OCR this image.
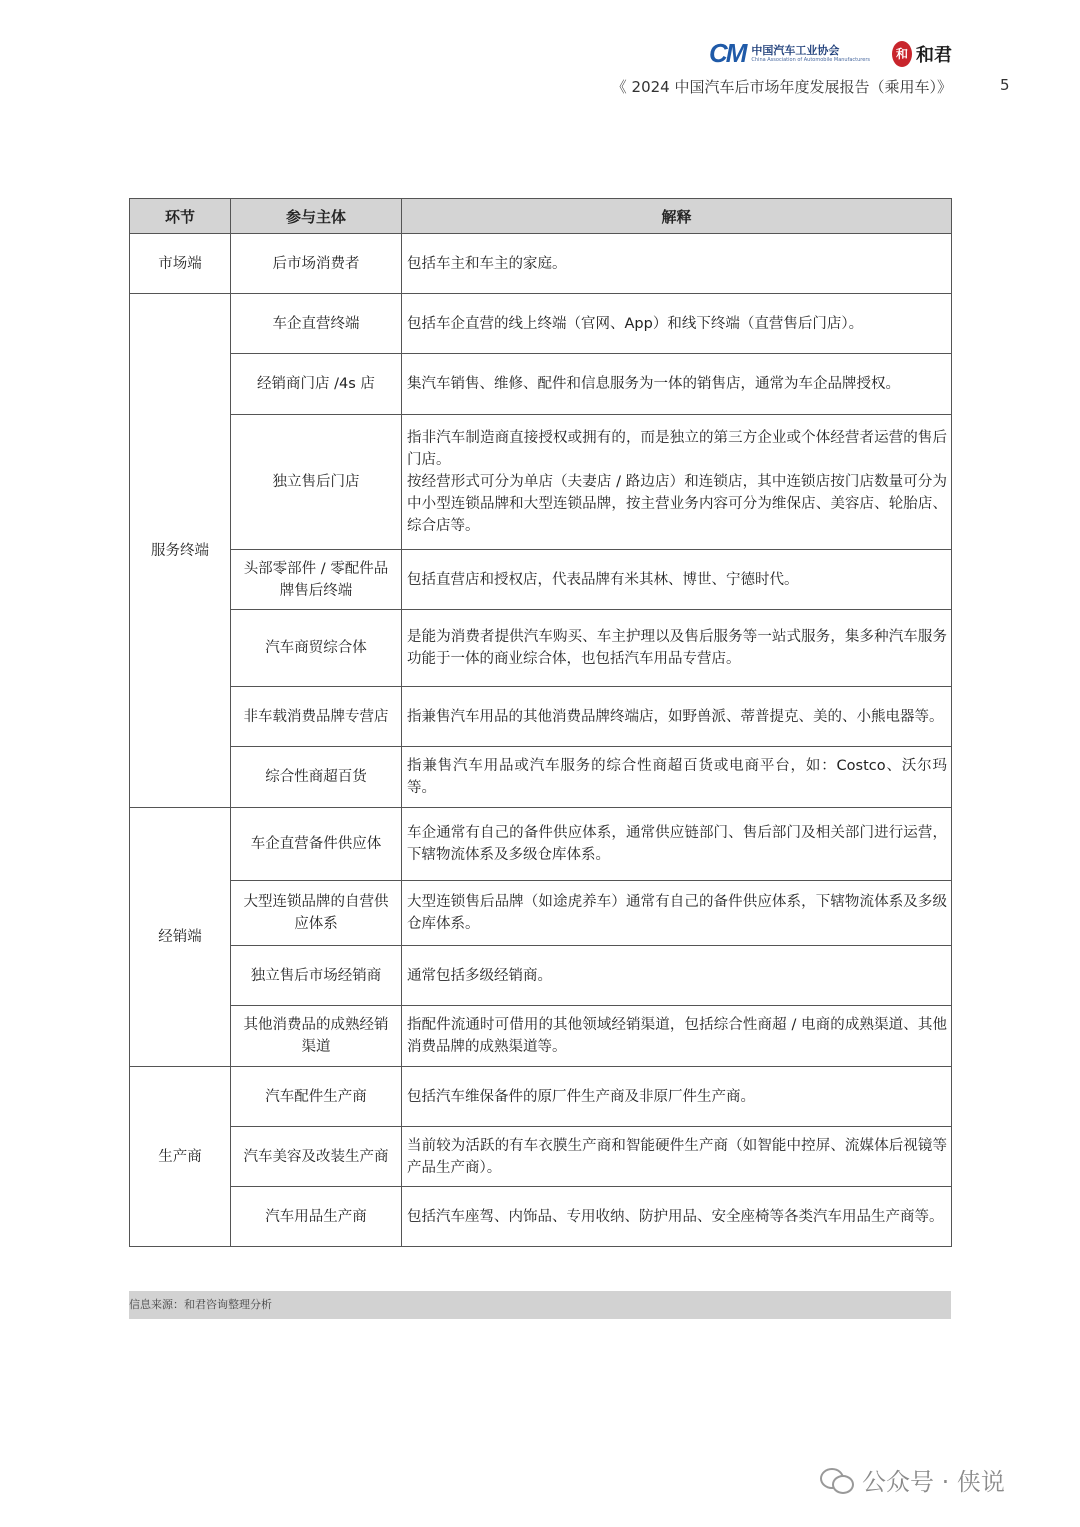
CM 中国汽车工业协会
China Association of Automobile Manufacturers	和 和君
《 2024 中国汽车后市场年度发展报告（乘用车）》	5
环节	参与主体	解释
市场端	后市场消费者	包括车主和车主的家庭。
服务终端	车企直营终端	包括车企直营的线上终端（官网、App）和线下终端（直营售后门店）。
	经销商门店 /4s 店	集汽车销售、维修、配件和信息服务为一体的销售店，通常为车企品牌授权。
	独立售后门店	指非汽车制造商直接授权或拥有的，而是独立的第三方企业或个体经营者运营的售后门店。
按经营形式可分为单店（夫妻店 / 路边店）和连锁店，其中连锁店按门店数量可分为中小型连锁品牌和大型连锁品牌，按主营业务内容可分为维保店、美容店、轮胎店、综合店等。

	头部零部件 / 零配件品牌售后终端	包括直营店和授权店，代表品牌有米其林、博世、宁德时代。
	汽车商贸综合体	是能为消费者提供汽车购买、车主护理以及售后服务等一站式服务，集多种汽车服务功能于一体的商业综合体，也包括汽车用品专营店。
	非车载消费品牌专营店	指兼售汽车用品的其他消费品牌终端店，如野兽派、蒂普提克、美的、小熊电器等。
	综合性商超百货	指兼售汽车用品或汽车服务的综合性商超百货或电商平台，如：Costco、沃尔玛等。
经销端	车企直营备件供应体	车企通常有自己的备件供应体系，通常供应链部门、售后部门及相关部门进行运营，下辖物流体系及多级仓库体系。
	大型连锁品牌的自营供应体系	大型连锁售后品牌（如途虎养车）通常有自己的备件供应体系，下辖物流体系及多级仓库体系。
	独立售后市场经销商	通常包括多级经销商。
	其他消费品的成熟经销渠道	指配件流通时可借用的其他领域经销渠道，包括综合性商超 / 电商的成熟渠道、其他消费品牌的成熟渠道等。
生产商	汽车配件生产商	包括汽车维保备件的原厂件生产商及非原厂件生产商。
	汽车美容及改装生产商	当前较为活跃的有车衣膜生产商和智能硬件生产商（如智能中控屏、流媒体后视镜等产品生产商）。
	汽车用品生产商	包括汽车座驾、内饰品、专用收纳、防护用品、安全座椅等各类汽车用品生产商等。
信息来源：和君咨询整理分析
公众号 · 侠说
